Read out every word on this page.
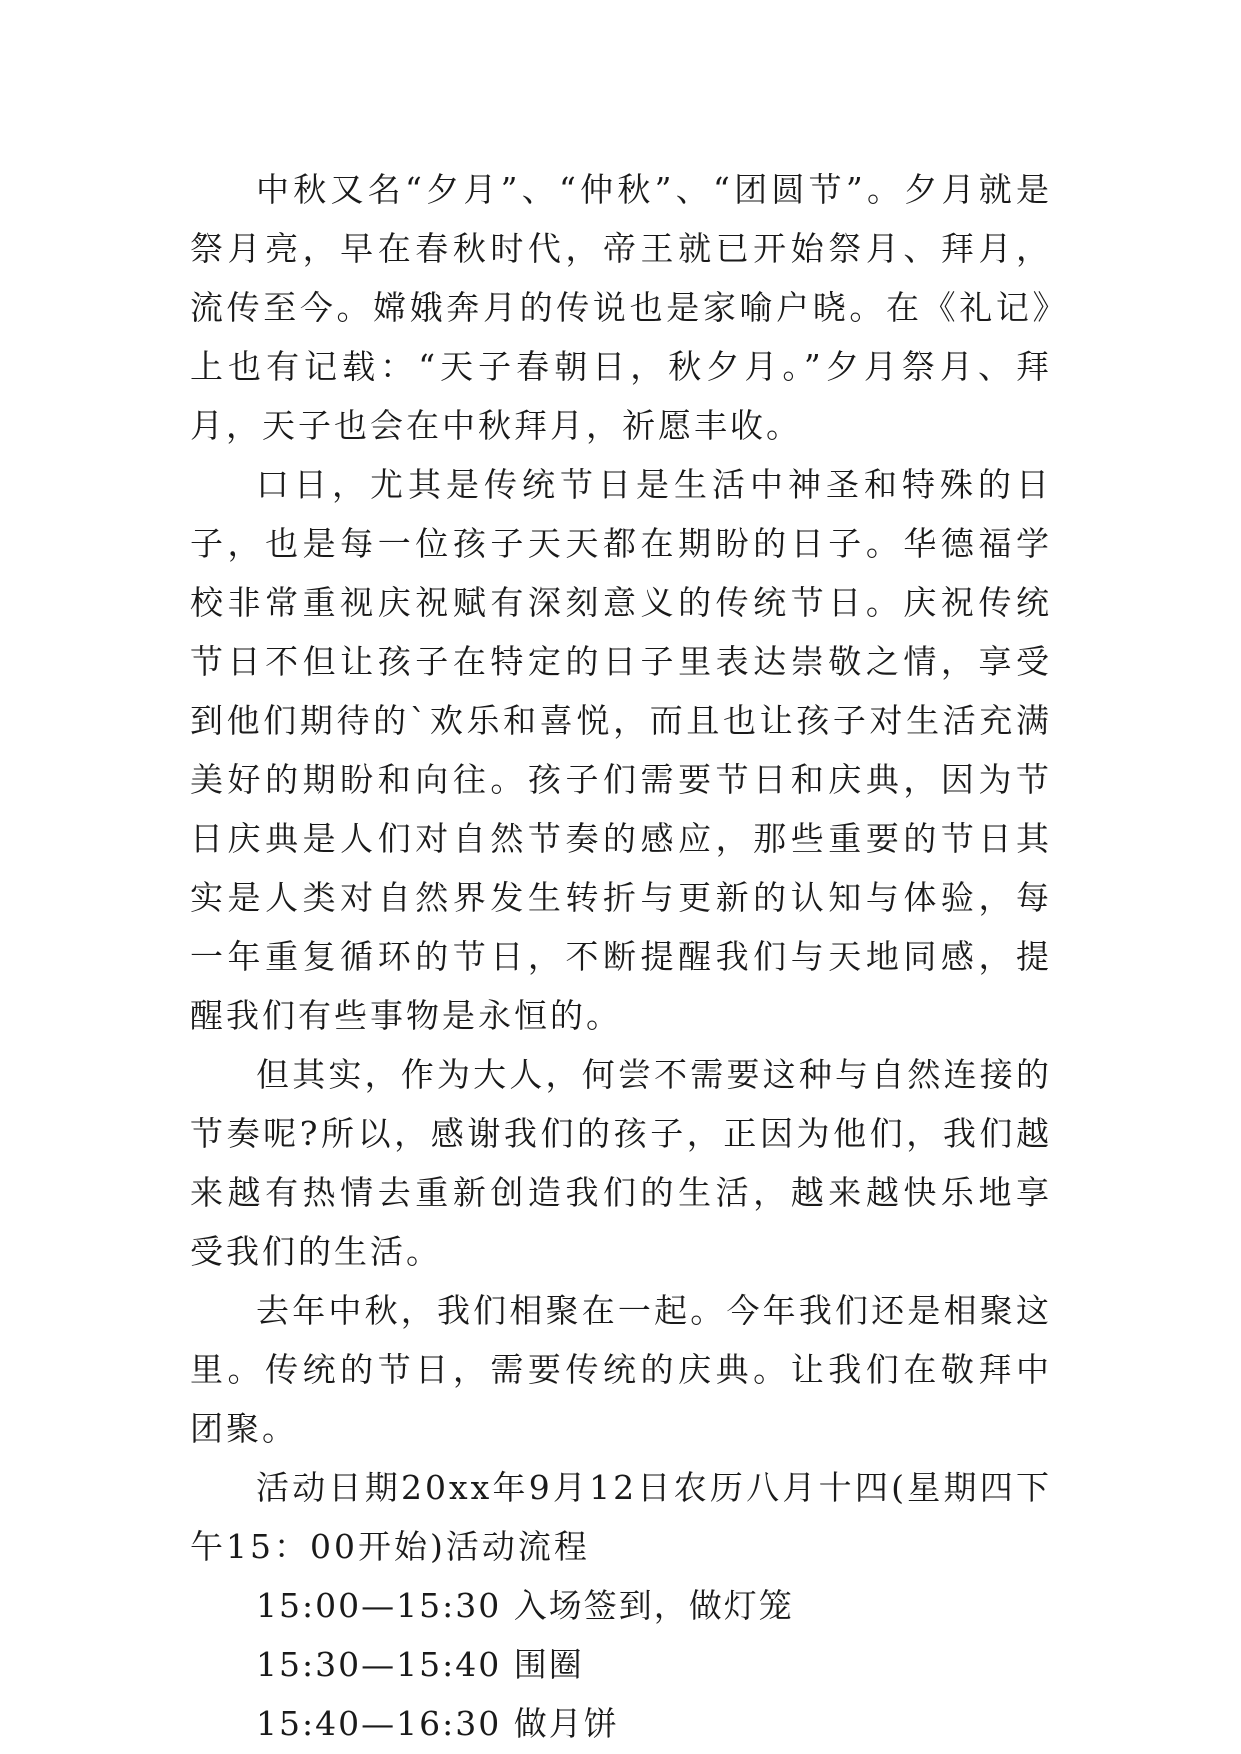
中秋又名“夕月”、“仲秋”、“团圆节”。夕月就是祭月亮，早在春秋时代，帝王就已开始祭月、拜月，流传至今。嫦娥奔月的传说也是家喻户晓。在《礼记》上也有记载：“天子春朝日，秋夕月。”夕月祭月、拜月，天子也会在中秋拜月，祈愿丰收。

口日，尤其是传统节日是生活中神圣和特殊的日子，也是每一位孩子天天都在期盼的日子。华德福学校非常重视庆祝赋有深刻意义的传统节日。庆祝传统节日不但让孩子在特定的日子里表达崇敬之情，享受到他们期待的`欢乐和喜悦，而且也让孩子对生活充满美好的期盼和向往。孩子们需要节日和庆典，因为节日庆典是人们对自然节奏的感应，那些重要的节日其实是人类对自然界发生转折与更新的认知与体验，每一年重复循环的节日，不断提醒我们与天地同感，提醒我们有些事物是永恒的。

但其实，作为大人，何尝不需要这种与自然连接的节奏呢?所以，感谢我们的孩子，正因为他们，我们越来越有热情去重新创造我们的生活，越来越快乐地享受我们的生活。

去年中秋，我们相聚在一起。今年我们还是相聚这里。传统的节日，需要传统的庆典。让我们在敬拜中团聚。

活动日期20xx年9月12日农历八月十四(星期四下午15：00开始)活动流程

15:00—15:30 入场签到，做灯笼
15:30—15:40 围圈
15:40—16:30 做月饼
